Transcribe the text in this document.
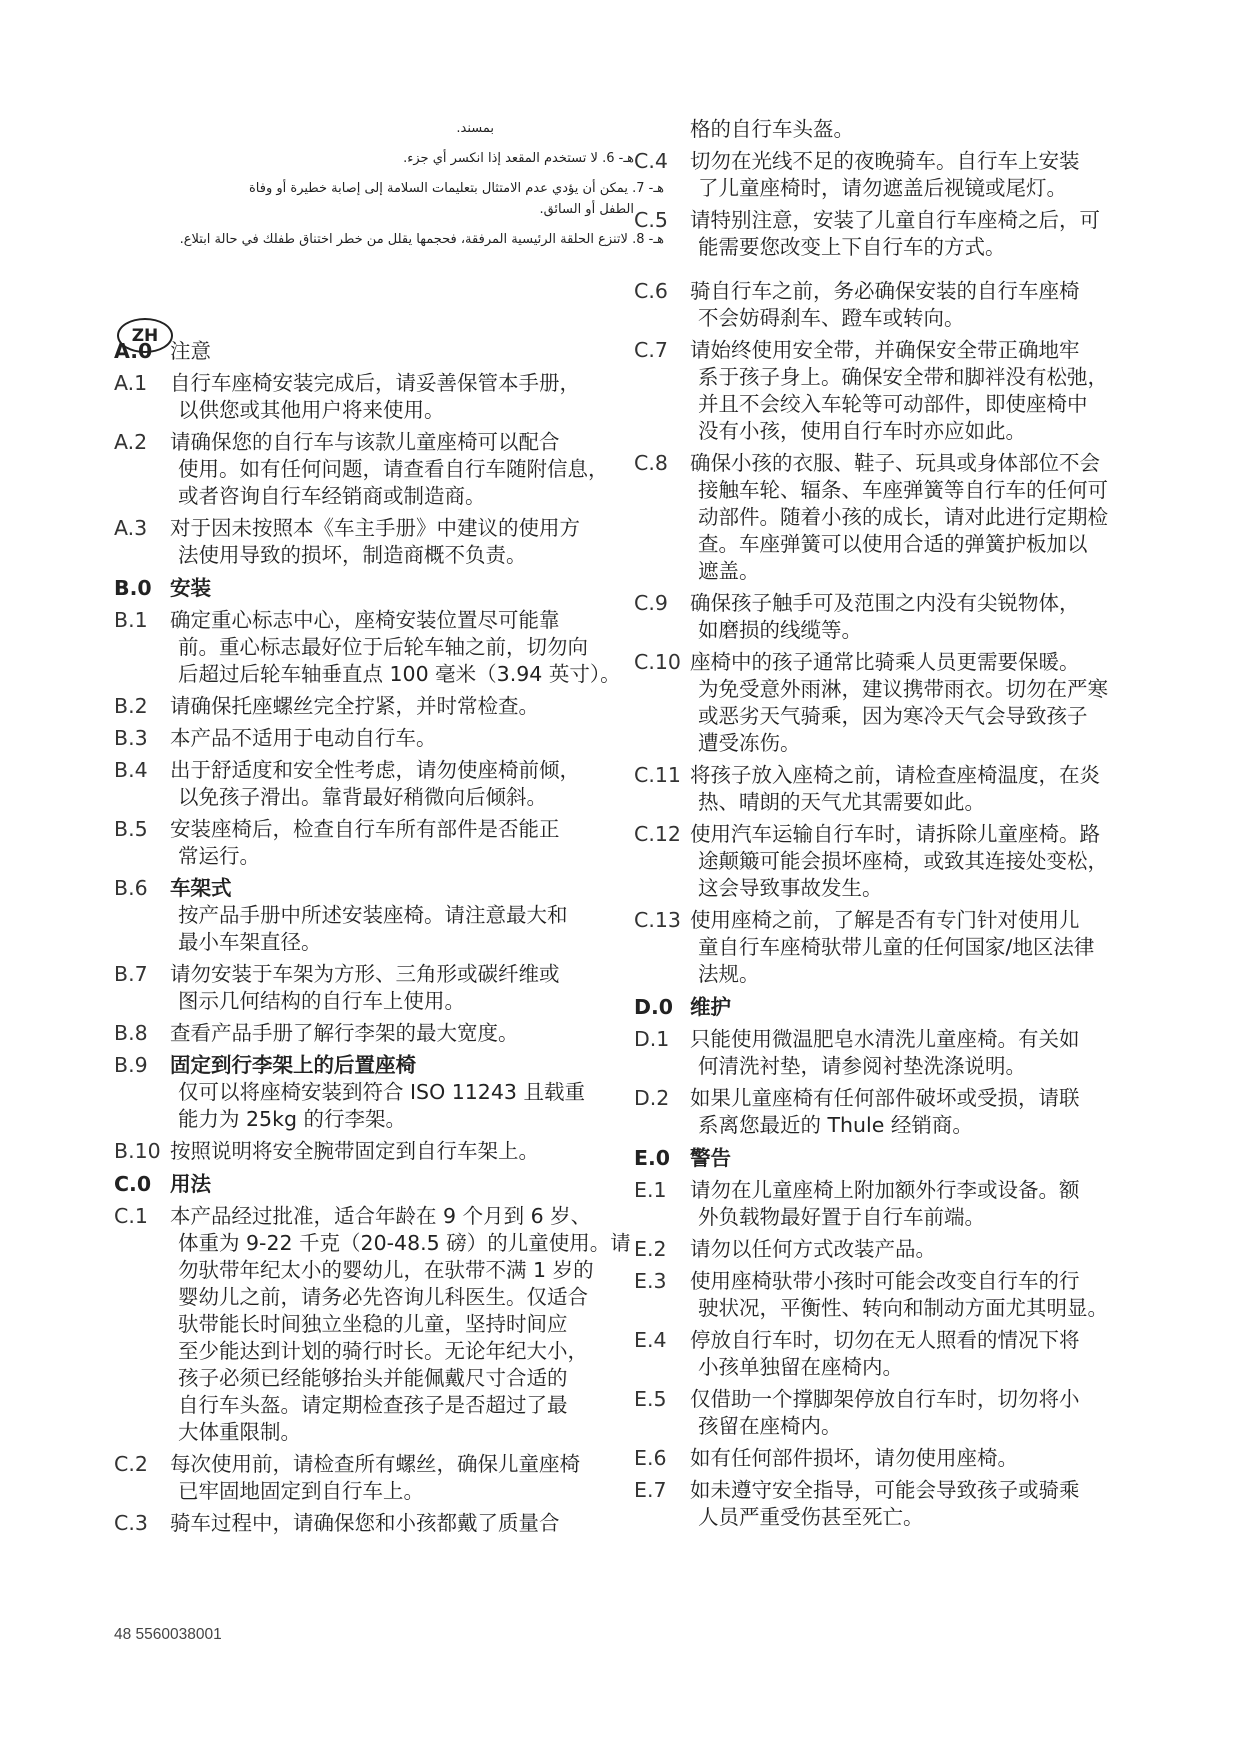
بمسند.

هـ- 6. لا تستخدم المقعد إذا انكسر أي جزء.

هـ- 7. يمكن أن يؤدي عدم الامتثال بتعليمات السلامة إلى إصابة خطيرة أو وفاة

الطفل أو السائق.

هـ- 8. لاتنزع الحلقة الرئيسية المرفقة، فحجمها يقلل من خطر اختناق طفلك في حالة ابتلاع.

A.0 注意
A.1	自行车座椅安装完成后，请妥善保管本手册，
以供您或其他用户将来使用。
A.2	请确保您的自行车与该款儿童座椅可以配合
使用。如有任何问题，请查看自行车随附信息，
或者咨询自行车经销商或制造商。
A.3	对于因未按照本《车主手册》中建议的使用方
法使用导致的损坏，制造商概不负责。
B.0 安装
B.1	确定重心标志中心，座椅安装位置尽可能靠
前。重心标志最好位于后轮车轴之前，切勿向
后超过后轮车轴垂直点 100 毫米（3.94 英寸）。
B.2	请确保托座螺丝完全拧紧，并时常检查。
B.3	本产品不适用于电动自行车。
B.4	出于舒适度和安全性考虑，请勿使座椅前倾，
以免孩子滑出。靠背最好稍微向后倾斜。
B.5	安装座椅后，检查自行车所有部件是否能正
常运行。
B.6	车架式
按产品手册中所述安装座椅。请注意最大和
最小车架直径。
B.7	请勿安装于车架为方形、三角形或碳纤维或
图示几何结构的自行车上使用。
B.8	查看产品手册了解行李架的最大宽度。
B.9	固定到行李架上的后置座椅
仅可以将座椅安装到符合 ISO 11243 且载重
能力为 25kg 的行李架。
B.10 按照说明将安全腕带固定到自行车架上。
C.0 用法
C.1	本产品经过批准，适合年龄在 9 个月到 6 岁、
体重为 9-22 千克（20-48.5 磅）的儿童使用。请
勿驮带年纪太小的婴幼儿，在驮带不满 1 岁的
婴幼儿之前，请务必先咨询儿科医生。仅适合
驮带能长时间独立坐稳的儿童，坚持时间应
至少能达到计划的骑行时长。无论年纪大小，
孩子必须已经能够抬头并能佩戴尺寸合适的
自行车头盔。请定期检查孩子是否超过了最
大体重限制。
C.2	每次使用前，请检查所有螺丝，确保儿童座椅
已牢固地固定到自行车上。
C.3	骑车过程中，请确保您和小孩都戴了质量合
ZH
格的自行车头盔。
C.4	切勿在光线不足的夜晚骑车。自行车上安装
了儿童座椅时，请勿遮盖后视镜或尾灯。
C.5	请特别注意，安装了儿童自行车座椅之后，可
能需要您改变上下自行车的方式。
C.6	骑自行车之前，务必确保安装的自行车座椅
不会妨碍刹车、蹬车或转向。
C.7	请始终使用安全带，并确保安全带正确地牢
系于孩子身上。确保安全带和脚袢没有松弛，
并且不会绞入车轮等可动部件，即使座椅中
没有小孩，使用自行车时亦应如此。
C.8	确保小孩的衣服、鞋子、玩具或身体部位不会
接触车轮、辐条、车座弹簧等自行车的任何可
动部件。随着小孩的成长，请对此进行定期检
查。车座弹簧可以使用合适的弹簧护板加以
遮盖。
C.9	确保孩子触手可及范围之内没有尖锐物体，
如磨损的线缆等。
C.10 座椅中的孩子通常比骑乘人员更需要保暖。
为免受意外雨淋，建议携带雨衣。切勿在严寒
或恶劣天气骑乘，因为寒冷天气会导致孩子
遭受冻伤。
C.11 将孩子放入座椅之前，请检查座椅温度，在炎
热、晴朗的天气尤其需要如此。
C.12 使用汽车运输自行车时，请拆除儿童座椅。路
途颠簸可能会损坏座椅，或致其连接处变松，
这会导致事故发生。
C.13 使用座椅之前，了解是否有专门针对使用儿
童自行车座椅驮带儿童的任何国家/地区法律
法规。
D.0 维护
D.1	只能使用微温肥皂水清洗儿童座椅。有关如
何清洗衬垫，请参阅衬垫洗涤说明。
D.2	如果儿童座椅有任何部件破坏或受损，请联
系离您最近的 Thule 经销商。
E.0 警告
E.1	请勿在儿童座椅上附加额外行李或设备。额
外负载物最好置于自行车前端。
E.2	请勿以任何方式改装产品。
E.3	使用座椅驮带小孩时可能会改变自行车的行
驶状况，平衡性、转向和制动方面尤其明显。
E.4	停放自行车时，切勿在无人照看的情况下将
小孩单独留在座椅内。
E.5	仅借助一个撑脚架停放自行车时，切勿将小
孩留在座椅内。
E.6	如有任何部件损坏，请勿使用座椅。
E.7	如未遵守安全指导，可能会导致孩子或骑乘
人员严重受伤甚至死亡。
48 5560038001
